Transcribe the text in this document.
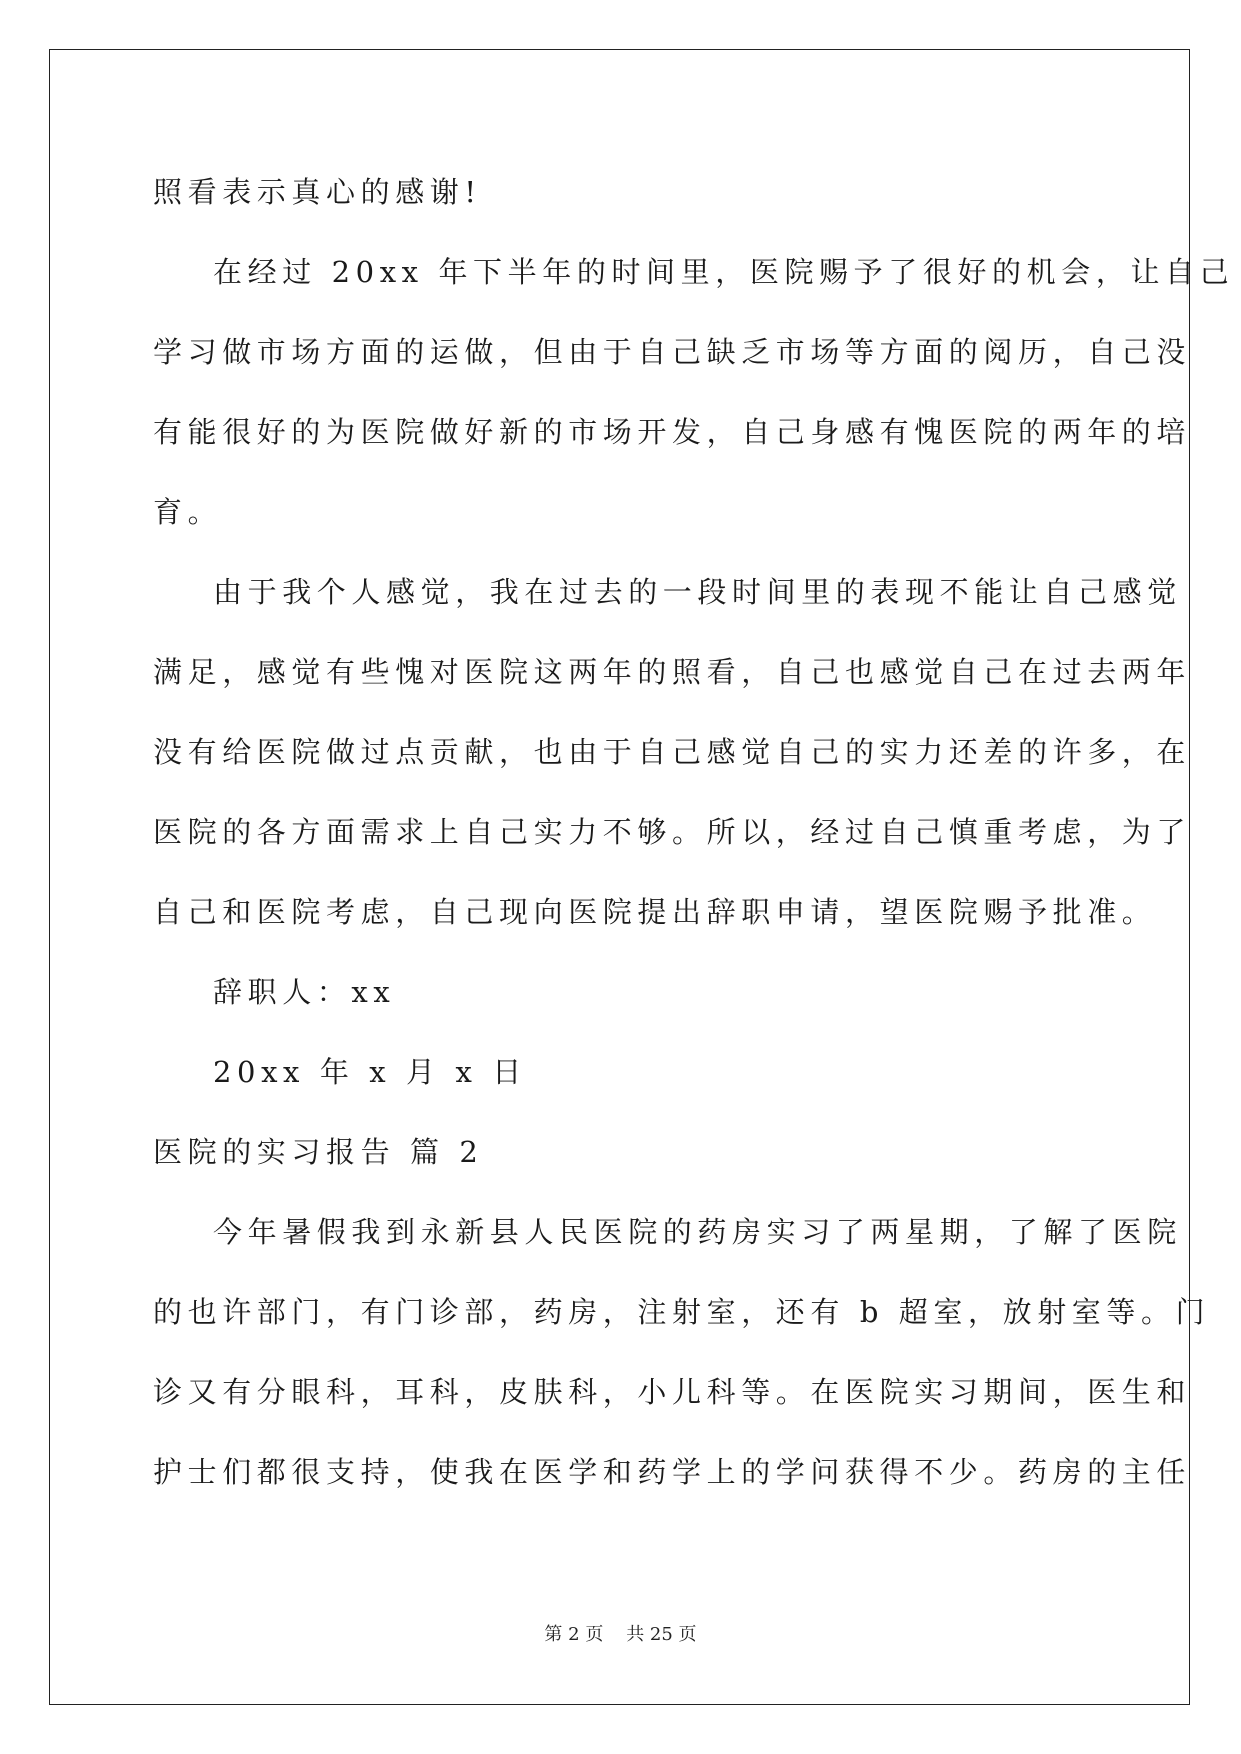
照看表示真心的感谢!
在经过 20xx 年下半年的时间里，医院赐予了很好的机会，让自己
学习做市场方面的运做，但由于自己缺乏市场等方面的阅历，自己没
有能很好的为医院做好新的市场开发，自己身感有愧医院的两年的培
育。
由于我个人感觉，我在过去的一段时间里的表现不能让自己感觉
满足，感觉有些愧对医院这两年的照看，自己也感觉自己在过去两年
没有给医院做过点贡献，也由于自己感觉自己的实力还差的许多，在
医院的各方面需求上自己实力不够。所以，经过自己慎重考虑，为了
自己和医院考虑，自己现向医院提出辞职申请，望医院赐予批准。
辞职人：xx
20xx 年 x 月 x 日
医院的实习报告 篇 2
今年暑假我到永新县人民医院的药房实习了两星期，了解了医院
的也许部门，有门诊部，药房，注射室，还有 b 超室，放射室等。门
诊又有分眼科，耳科，皮肤科，小儿科等。在医院实习期间，医生和
护士们都很支持，使我在医学和药学上的学问获得不少。药房的主任
第 2 页    共 25 页
